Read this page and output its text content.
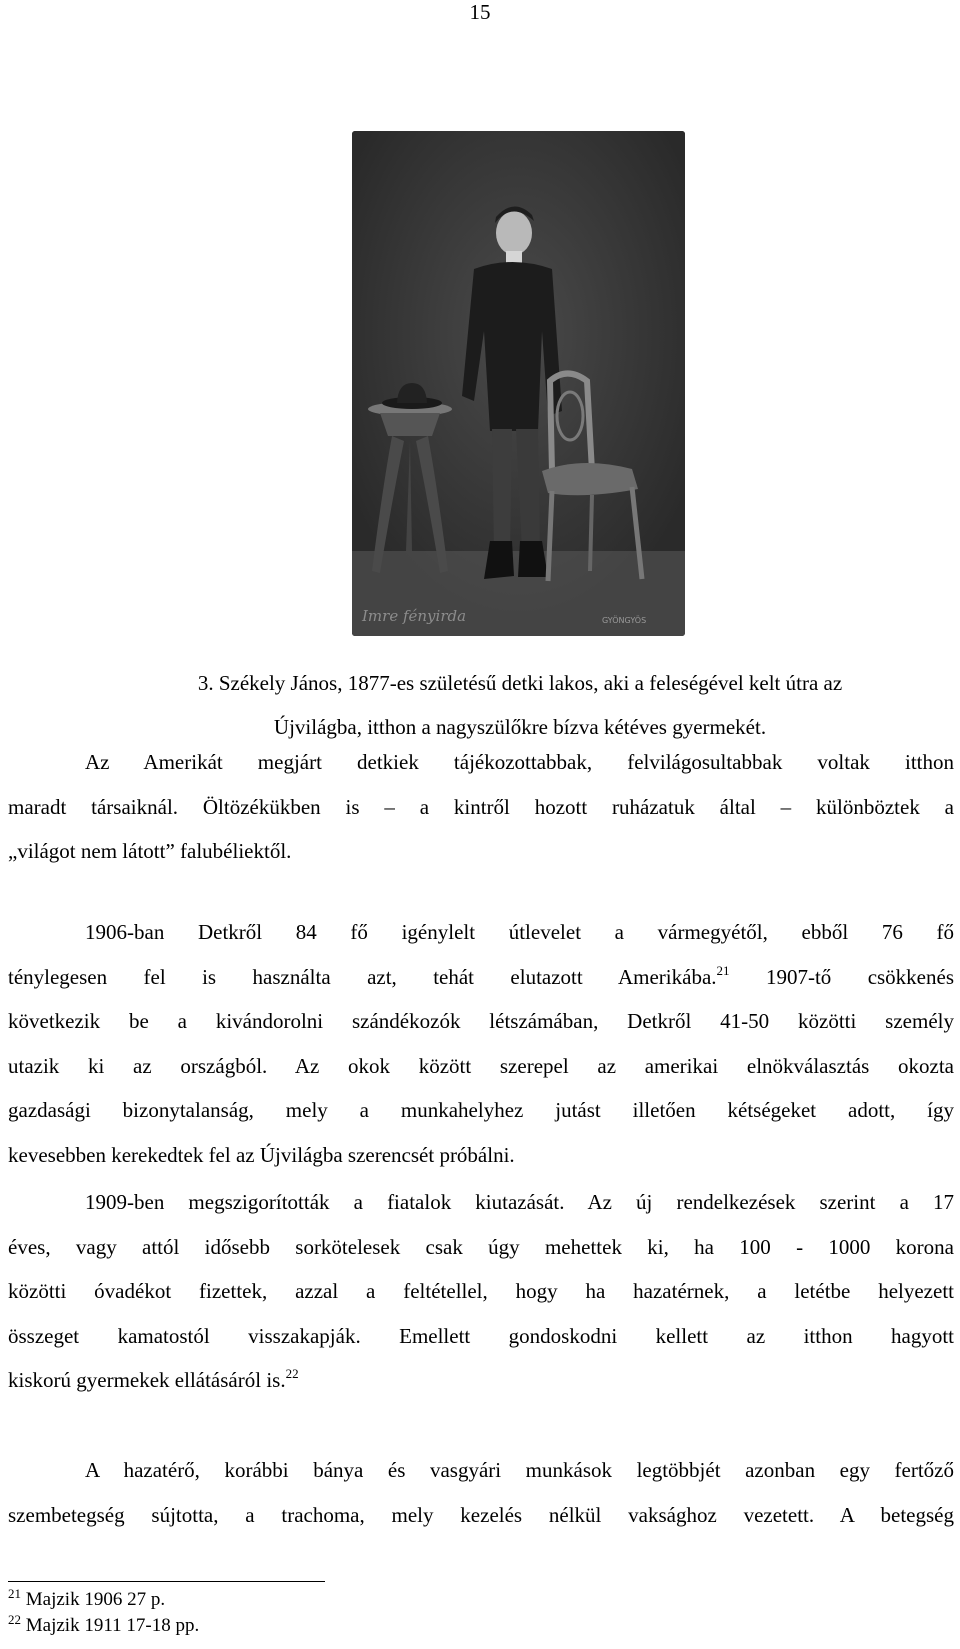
15
Imre fényirda	GYÖNGYÖS
3. Székely János, 1877-es születésű detki lakos, aki a feleségével kelt útra az
Újvilágba, itthon a nagyszülőkre bízva kétéves gyermekét.
Az Amerikát megjárt detkiek tájékozottabbak, felvilágosultabbak voltak itthon
maradt társaiknál. Öltözékükben is – a kintről hozott ruházatuk által – különböztek a
„világot nem látott” falubéliektől.
1906-ban Detkről 84 fő igénylelt útlevelet a vármegyétől, ebből 76 fő
ténylegesen fel is használta azt, tehát elutazott Amerikába.$^{21}$ 1907-tő csökkenés
következik be a kivándorolni szándékozók létszámában, Detkről 41-50 közötti személy
utazik ki az országból. Az okok között szerepel az amerikai elnökválasztás okozta
gazdasági bizonytalanság, mely a munkahelyhez jutást illetően kétségeket adott, így
kevesebben kerekedtek fel az Újvilágba szerencsét próbálni.
1909-ben megszigorították a fiatalok kiutazását. Az új rendelkezések szerint a 17
éves, vagy attól idősebb sorkötelesek csak úgy mehettek ki, ha 100 - 1000 korona
közötti óvadékot fizettek, azzal a feltétellel, hogy ha hazatérnek, a letétbe helyezett
összeget kamatostól visszakapják. Emellett gondoskodni kellett az itthon hagyott
kiskorú gyermekek ellátásáról is.$^{22}$
A hazatérő, korábbi bánya és vasgyári munkások legtöbbjét azonban egy fertőző
szembetegség sújtotta, a trachoma, mely kezelés nélkül vaksághoz vezetett. A betegség
$^{21}$ Majzik 1906 27 p.
$^{22}$ Majzik 1911 17-18 pp.
